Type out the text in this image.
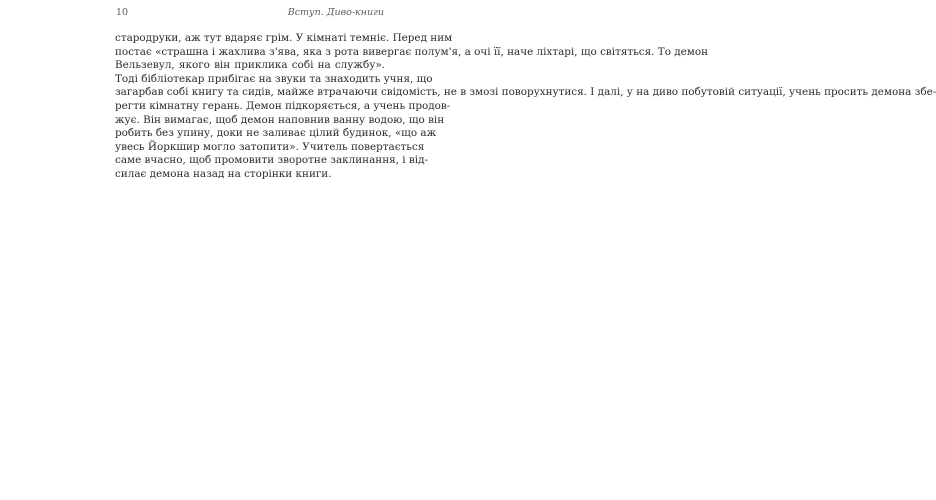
10	Вступ. Диво-книги

стародруки, аж тут вдаряє грім. У кімнаті темніє. Перед ним
постає «страшна і жахлива з'ява, яка з рота вивергає полум'я, а очі її, наче ліхтарі, що світяться. То демон
Вельзевул, якого він приклика собі на службу».
Тоді бібліотекар прибігає на звуки та знаходить учня, що
загарбав собі книгу та сидів, майже втрачаючи свідомість, не в змозі поворухнутися. І далі, у на диво побутовій ситуації, учень просить демона збе-
регти кімнатну герань. Демон підкоряється, а учень продов-
жує. Він вимагає, щоб демон наповнив ванну водою, що він
робить без упину, доки не заливає цілий будинок, «що аж
увесь Йоркшир могло затопити». Учитель повертається
саме вчасно, щоб промовити зворотне заклинання, і від-
силає демона назад на сторінки книги.
